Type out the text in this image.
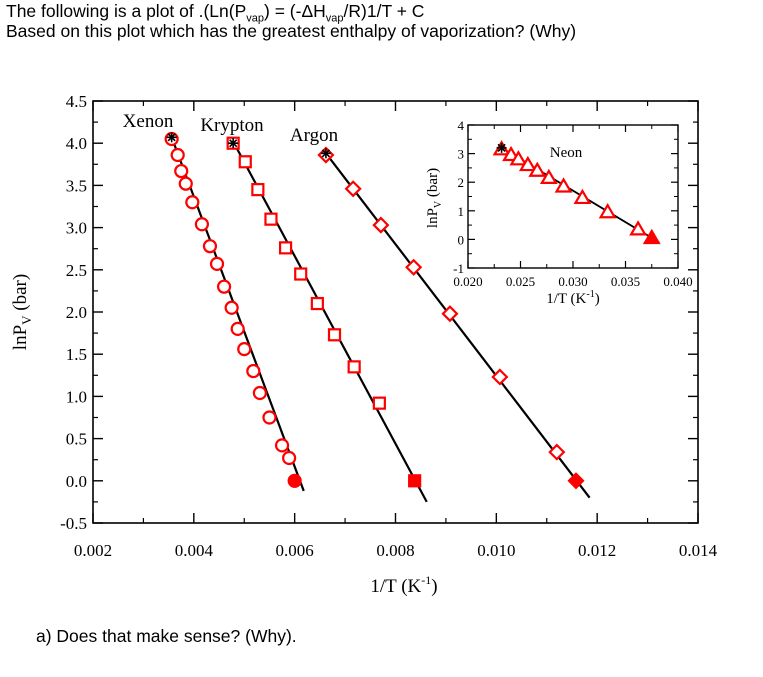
The following is a plot of $.(Ln(P_{vap}) = (-\Delta H_{vap}/R)1/T + C$
Based on this plot which has the greatest enthalpy of vaporization? (Why)
a) Does that make sense? (Why).
0.002	0.004	0.006	0.008	0.010	0.012	0.014
-0.5
0.0
0.5
1.0
1.5
2.0
2.5
3.0
3.5
4.0
4.5
1/T $(K^{-1})$
lnP$_V$ (bar)
Xenon Krypton Argon
0.020 0.025 0.030 0.035 0.040
-1
0
1
2
3
4
1/T $(K^{-1})$
lnP$_V$ (bar)
Neon
